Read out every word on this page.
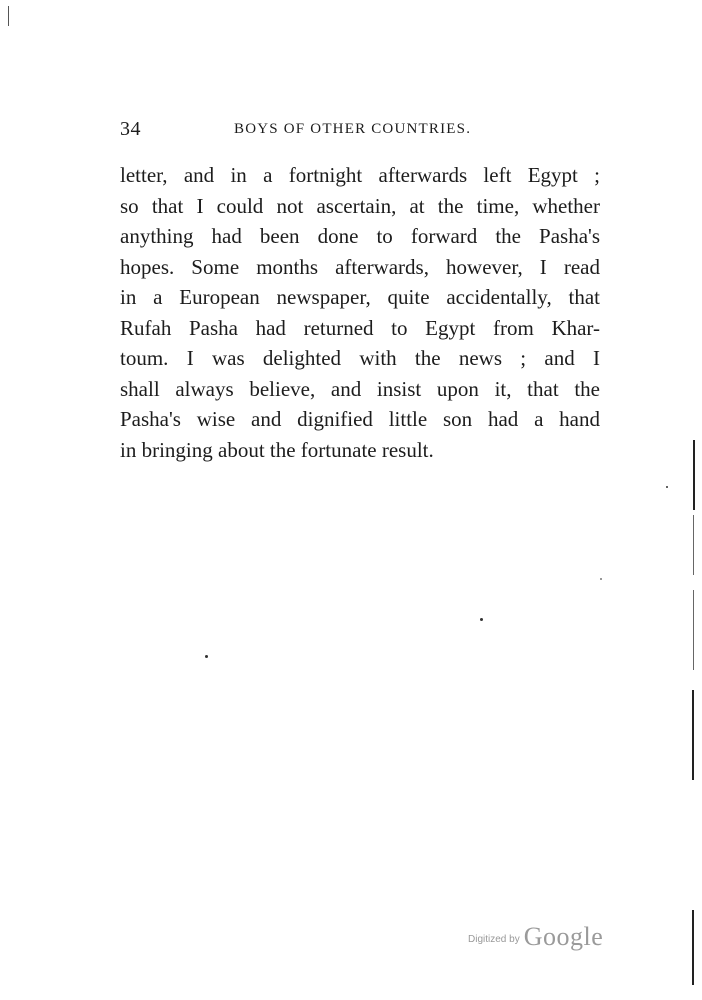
34	BOYS OF OTHER COUNTRIES.
letter, and in a fortnight afterwards left Egypt ;
so that I could not ascertain, at the time, whether
anything had been done to forward the Pasha's
hopes. Some months afterwards, however, I read
in a European newspaper, quite accidentally, that
Rufah Pasha had returned to Egypt from Khar-
toum. I was delighted with the news ; and I
shall always believe, and insist upon it, that the
Pasha's wise and dignified little son had a hand
in bringing about the fortunate result.
Digitized by Google
